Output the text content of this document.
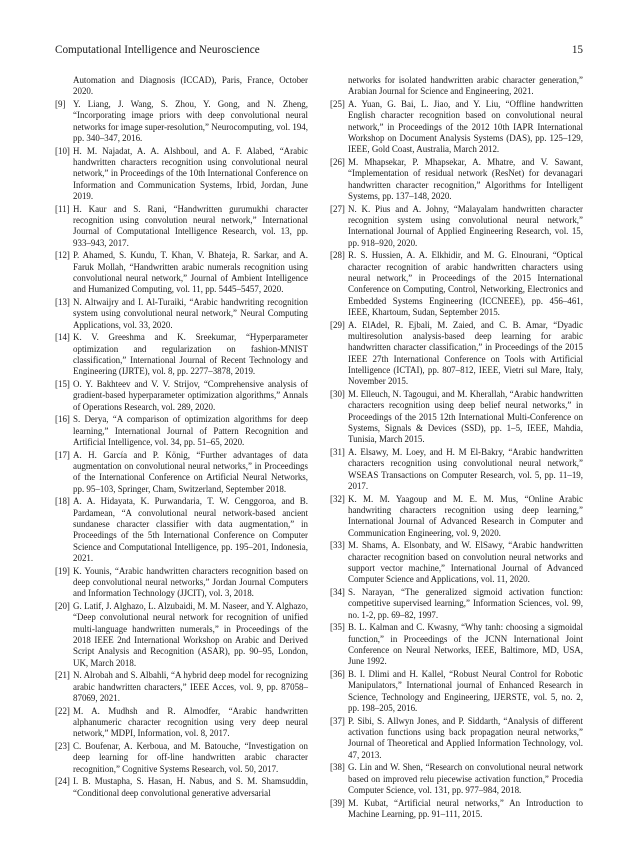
Computational Intelligence and Neuroscience	15
Automation and Diagnosis (ICCAD), Paris, France, October 2020.
[9] Y. Liang, J. Wang, S. Zhou, Y. Gong, and N. Zheng, “Incorporating image priors with deep convolutional neural networks for image super-resolution,” Neurocomputing, vol. 194, pp. 340–347, 2016.
[10] H. M. Najadat, A. A. Alshboul, and A. F. Alabed, “Arabic handwritten characters recognition using convolutional neural network,” in Proceedings of the 10th International Conference on Information and Communication Systems, Irbid, Jordan, June 2019.
[11] H. Kaur and S. Rani, “Handwritten gurumukhi character recognition using convolution neural network,” International Journal of Computational Intelligence Research, vol. 13, pp. 933–943, 2017.
[12] P. Ahamed, S. Kundu, T. Khan, V. Bhateja, R. Sarkar, and A. Faruk Mollah, “Handwritten arabic numerals recognition using convolutional neural network,” Journal of Ambient Intelligence and Humanized Computing, vol. 11, pp. 5445–5457, 2020.
[13] N. Altwaijry and I. Al-Turaiki, “Arabic handwriting recognition system using convolutional neural network,” Neural Computing Applications, vol. 33, 2020.
[14] K. V. Greeshma and K. Sreekumar, “Hyperparameter optimization and regularization on fashion-MNIST classification,” International Journal of Recent Technology and Engineering (IJRTE), vol. 8, pp. 2277–3878, 2019.
[15] O. Y. Bakhteev and V. V. Strijov, “Comprehensive analysis of gradient-based hyperparameter optimization algorithms,” Annals of Operations Research, vol. 289, 2020.
[16] S. Derya, “A comparison of optimization algorithms for deep learning,” International Journal of Pattern Recognition and Artificial Intelligence, vol. 34, pp. 51–65, 2020.
[17] A. H. García and P. König, “Further advantages of data augmentation on convolutional neural networks,” in Proceedings of the International Conference on Artificial Neural Networks, pp. 95–103, Springer, Cham, Switzerland, September 2018.
[18] A. A. Hidayata, K. Purwandaria, T. W. Cenggoroa, and B. Pardamean, “A convolutional neural network-based ancient sundanese character classifier with data augmentation,” in Proceedings of the 5th International Conference on Computer Science and Computational Intelligence, pp. 195–201, Indonesia, 2021.
[19] K. Younis, “Arabic handwritten characters recognition based on deep convolutional neural networks,” Jordan Journal Computers and Information Technology (JJCIT), vol. 3, 2018.
[20] G. Latif, J. Alghazo, L. Alzubaidi, M. M. Naseer, and Y. Alghazo, “Deep convolutional neural network for recognition of unified multi-language handwritten numerals,” in Proceedings of the 2018 IEEE 2nd International Workshop on Arabic and Derived Script Analysis and Recognition (ASAR), pp. 90–95, London, UK, March 2018.
[21] N. Alrobah and S. Albahli, “A hybrid deep model for recognizing arabic handwritten characters,” IEEE Acces, vol. 9, pp. 87058–87069, 2021.
[22] M. A. Mudhsh and R. Almodfer, “Arabic handwritten alphanumeric character recognition using very deep neural network,” MDPI, Information, vol. 8, 2017.
[23] C. Boufenar, A. Kerboua, and M. Batouche, “Investigation on deep learning for off-line handwritten arabic character recognition,” Cognitive Systems Research, vol. 50, 2017.
[24] I. B. Mustapha, S. Hasan, H. Nabus, and S. M. Shamsuddin, “Conditional deep convolutional generative adversarial
networks for isolated handwritten arabic character generation,” Arabian Journal for Science and Engineering, 2021.
[25] A. Yuan, G. Bai, L. Jiao, and Y. Liu, “Offline handwritten English character recognition based on convolutional neural network,” in Proceedings of the 2012 10th IAPR International Workshop on Document Analysis Systems (DAS), pp. 125–129, IEEE, Gold Coast, Australia, March 2012.
[26] M. Mhapsekar, P. Mhapsekar, A. Mhatre, and V. Sawant, “Implementation of residual network (ResNet) for devanagari handwritten character recognition,” Algorithms for Intelligent Systems, pp. 137–148, 2020.
[27] N. K. Pius and A. Johny, “Malayalam handwritten character recognition system using convolutional neural network,” International Journal of Applied Engineering Research, vol. 15, pp. 918–920, 2020.
[28] R. S. Hussien, A. A. Elkhidir, and M. G. Elnourani, “Optical character recognition of arabic handwritten characters using neural network,” in Proceedings of the 2015 International Conference on Computing, Control, Networking, Electronics and Embedded Systems Engineering (ICCNEEE), pp. 456–461, IEEE, Khartoum, Sudan, September 2015.
[29] A. ElAdel, R. Ejbali, M. Zaied, and C. B. Amar, “Dyadic multiresolution analysis-based deep learning for arabic handwritten character classification,” in Proceedings of the 2015 IEEE 27th International Conference on Tools with Artificial Intelligence (ICTAI), pp. 807–812, IEEE, Vietri sul Mare, Italy, November 2015.
[30] M. Elleuch, N. Tagougui, and M. Kherallah, “Arabic handwritten characters recognition using deep belief neural networks,” in Proceedings of the 2015 12th International Multi-Conference on Systems, Signals & Devices (SSD), pp. 1–5, IEEE, Mahdia, Tunisia, March 2015.
[31] A. Elsawy, M. Loey, and H. M El-Bakry, “Arabic handwritten characters recognition using convolutional neural network,” WSEAS Transactions on Computer Research, vol. 5, pp. 11–19, 2017.
[32] K. M. M. Yaagoup and M. E. M. Mus, “Online Arabic handwriting characters recognition using deep learning,” International Journal of Advanced Research in Computer and Communication Engineering, vol. 9, 2020.
[33] M. Shams, A. Elsonbaty, and W. ElSawy, “Arabic handwritten character recognition based on convolution neural networks and support vector machine,” International Journal of Advanced Computer Science and Applications, vol. 11, 2020.
[34] S. Narayan, “The generalized sigmoid activation function: competitive supervised learning,” Information Sciences, vol. 99, no. 1-2, pp. 69–82, 1997.
[35] B. L. Kalman and C. Kwasny, “Why tanh: choosing a sigmoidal function,” in Proceedings of the JCNN International Joint Conference on Neural Networks, IEEE, Baltimore, MD, USA, June 1992.
[36] B. I. Dlimi and H. Kallel, “Robust Neural Control for Robotic Manipulators,” International journal of Enhanced Research in Science, Technology and Engineering, IJERSTE, vol. 5, no. 2, pp. 198–205, 2016.
[37] P. Sibi, S. Allwyn Jones, and P. Siddarth, “Analysis of different activation functions using back propagation neural networks,” Journal of Theoretical and Applied Information Technology, vol. 47, 2013.
[38] G. Lin and W. Shen, “Research on convolutional neural network based on improved relu piecewise activation function,” Procedia Computer Science, vol. 131, pp. 977–984, 2018.
[39] M. Kubat, “Artificial neural networks,” An Introduction to Machine Learning, pp. 91–111, 2015.
